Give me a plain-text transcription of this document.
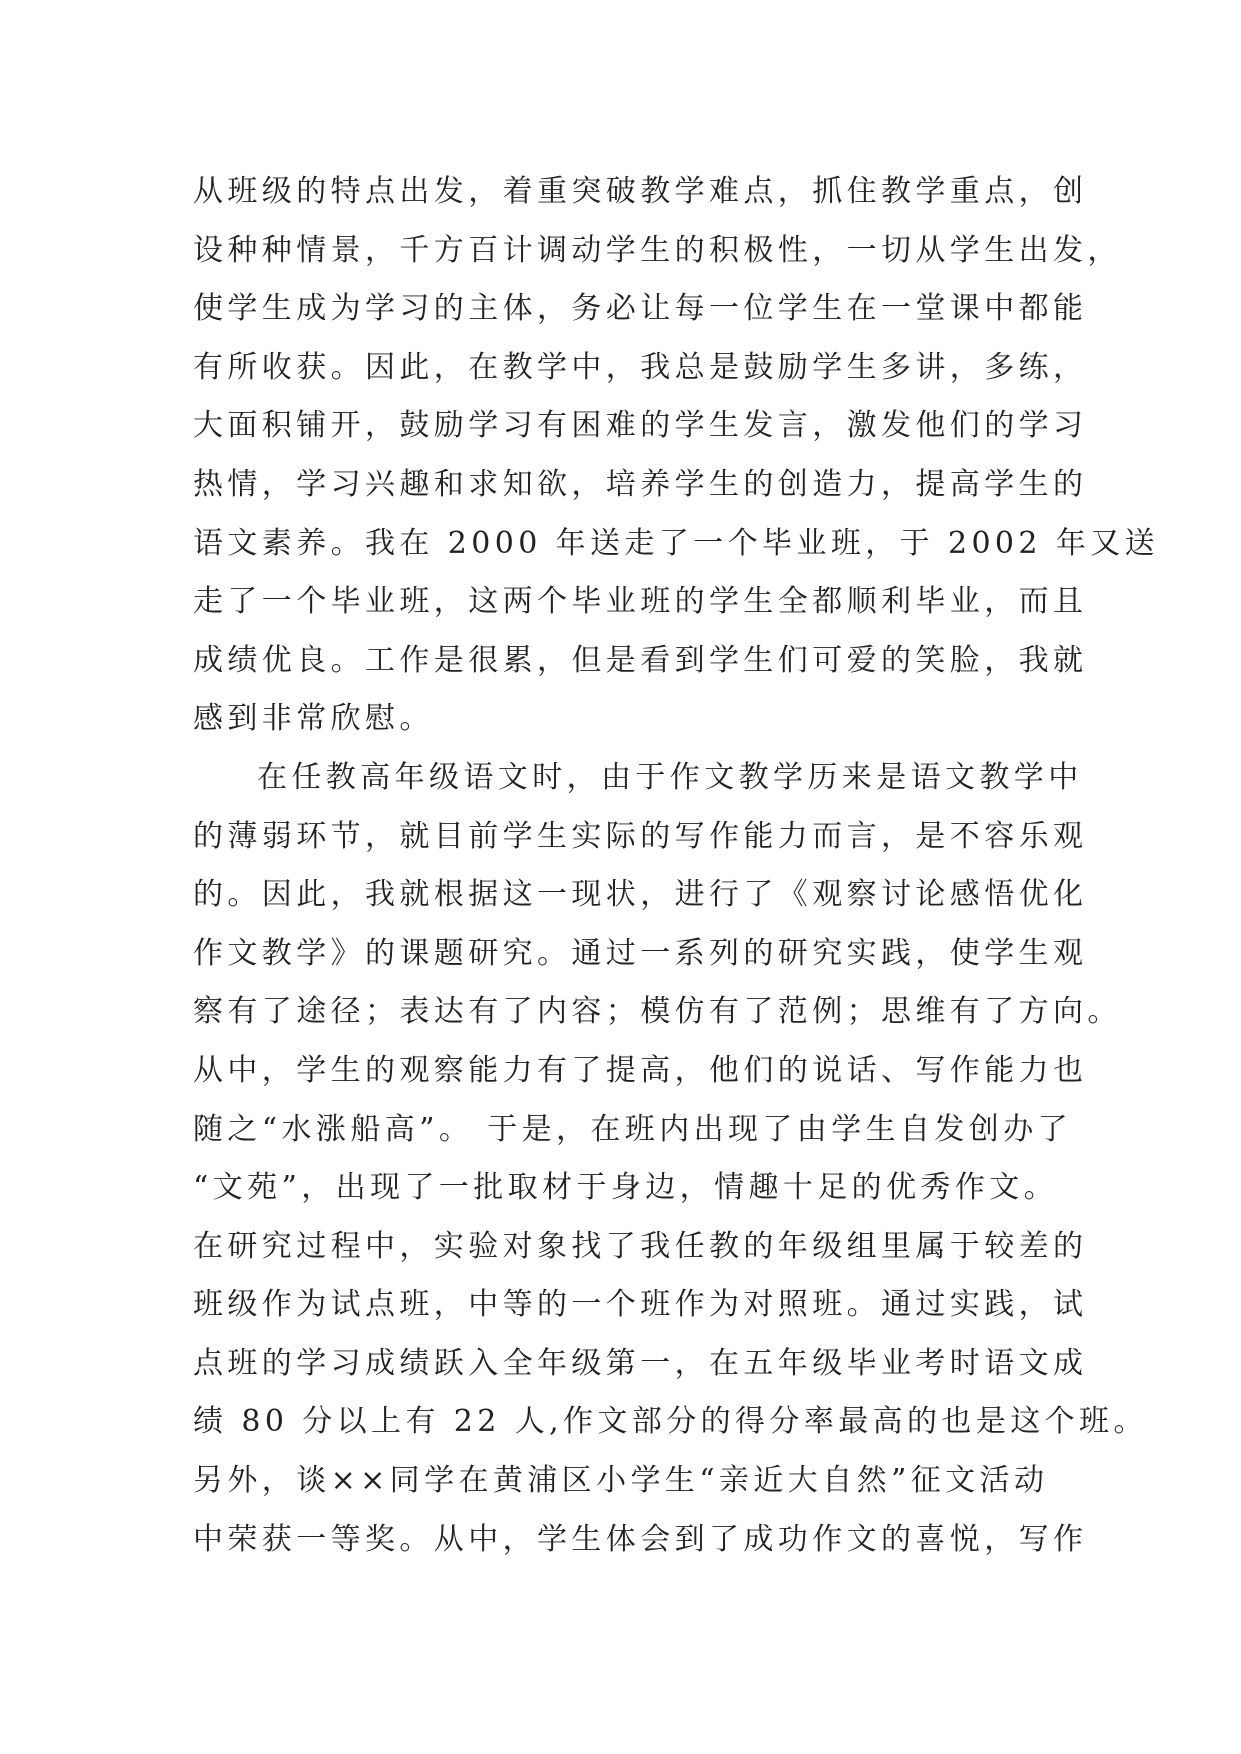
从班级的特点出发，着重突破教学难点，抓住教学重点，创
设种种情景，千方百计调动学生的积极性，一切从学生出发，
使学生成为学习的主体，务必让每一位学生在一堂课中都能
有所收获。因此，在教学中，我总是鼓励学生多讲，多练，
大面积铺开，鼓励学习有困难的学生发言，激发他们的学习
热情，学习兴趣和求知欲，培养学生的创造力，提高学生的
语文素养。我在 2000 年送走了一个毕业班，于 2002 年又送
走了一个毕业班，这两个毕业班的学生全都顺利毕业，而且
成绩优良。工作是很累，但是看到学生们可爱的笑脸，我就
感到非常欣慰。
在任教高年级语文时，由于作文教学历来是语文教学中
的薄弱环节，就目前学生实际的写作能力而言，是不容乐观
的。因此，我就根据这一现状，进行了《观察讨论感悟优化
作文教学》的课题研究。通过一系列的研究实践，使学生观
察有了途径；表达有了内容；模仿有了范例；思维有了方向。
从中，学生的观察能力有了提高，他们的说话、写作能力也
随之“水涨船高”。 于是，在班内出现了由学生自发创办了
“文苑”，出现了一批取材于身边，情趣十足的优秀作文。
在研究过程中，实验对象找了我任教的年级组里属于较差的
班级作为试点班，中等的一个班作为对照班。通过实践，试
点班的学习成绩跃入全年级第一，在五年级毕业考时语文成
绩 80 分以上有 22 人,作文部分的得分率最高的也是这个班。
另外，谈××同学在黄浦区小学生“亲近大自然”征文活动
中荣获一等奖。从中，学生体会到了成功作文的喜悦，写作
